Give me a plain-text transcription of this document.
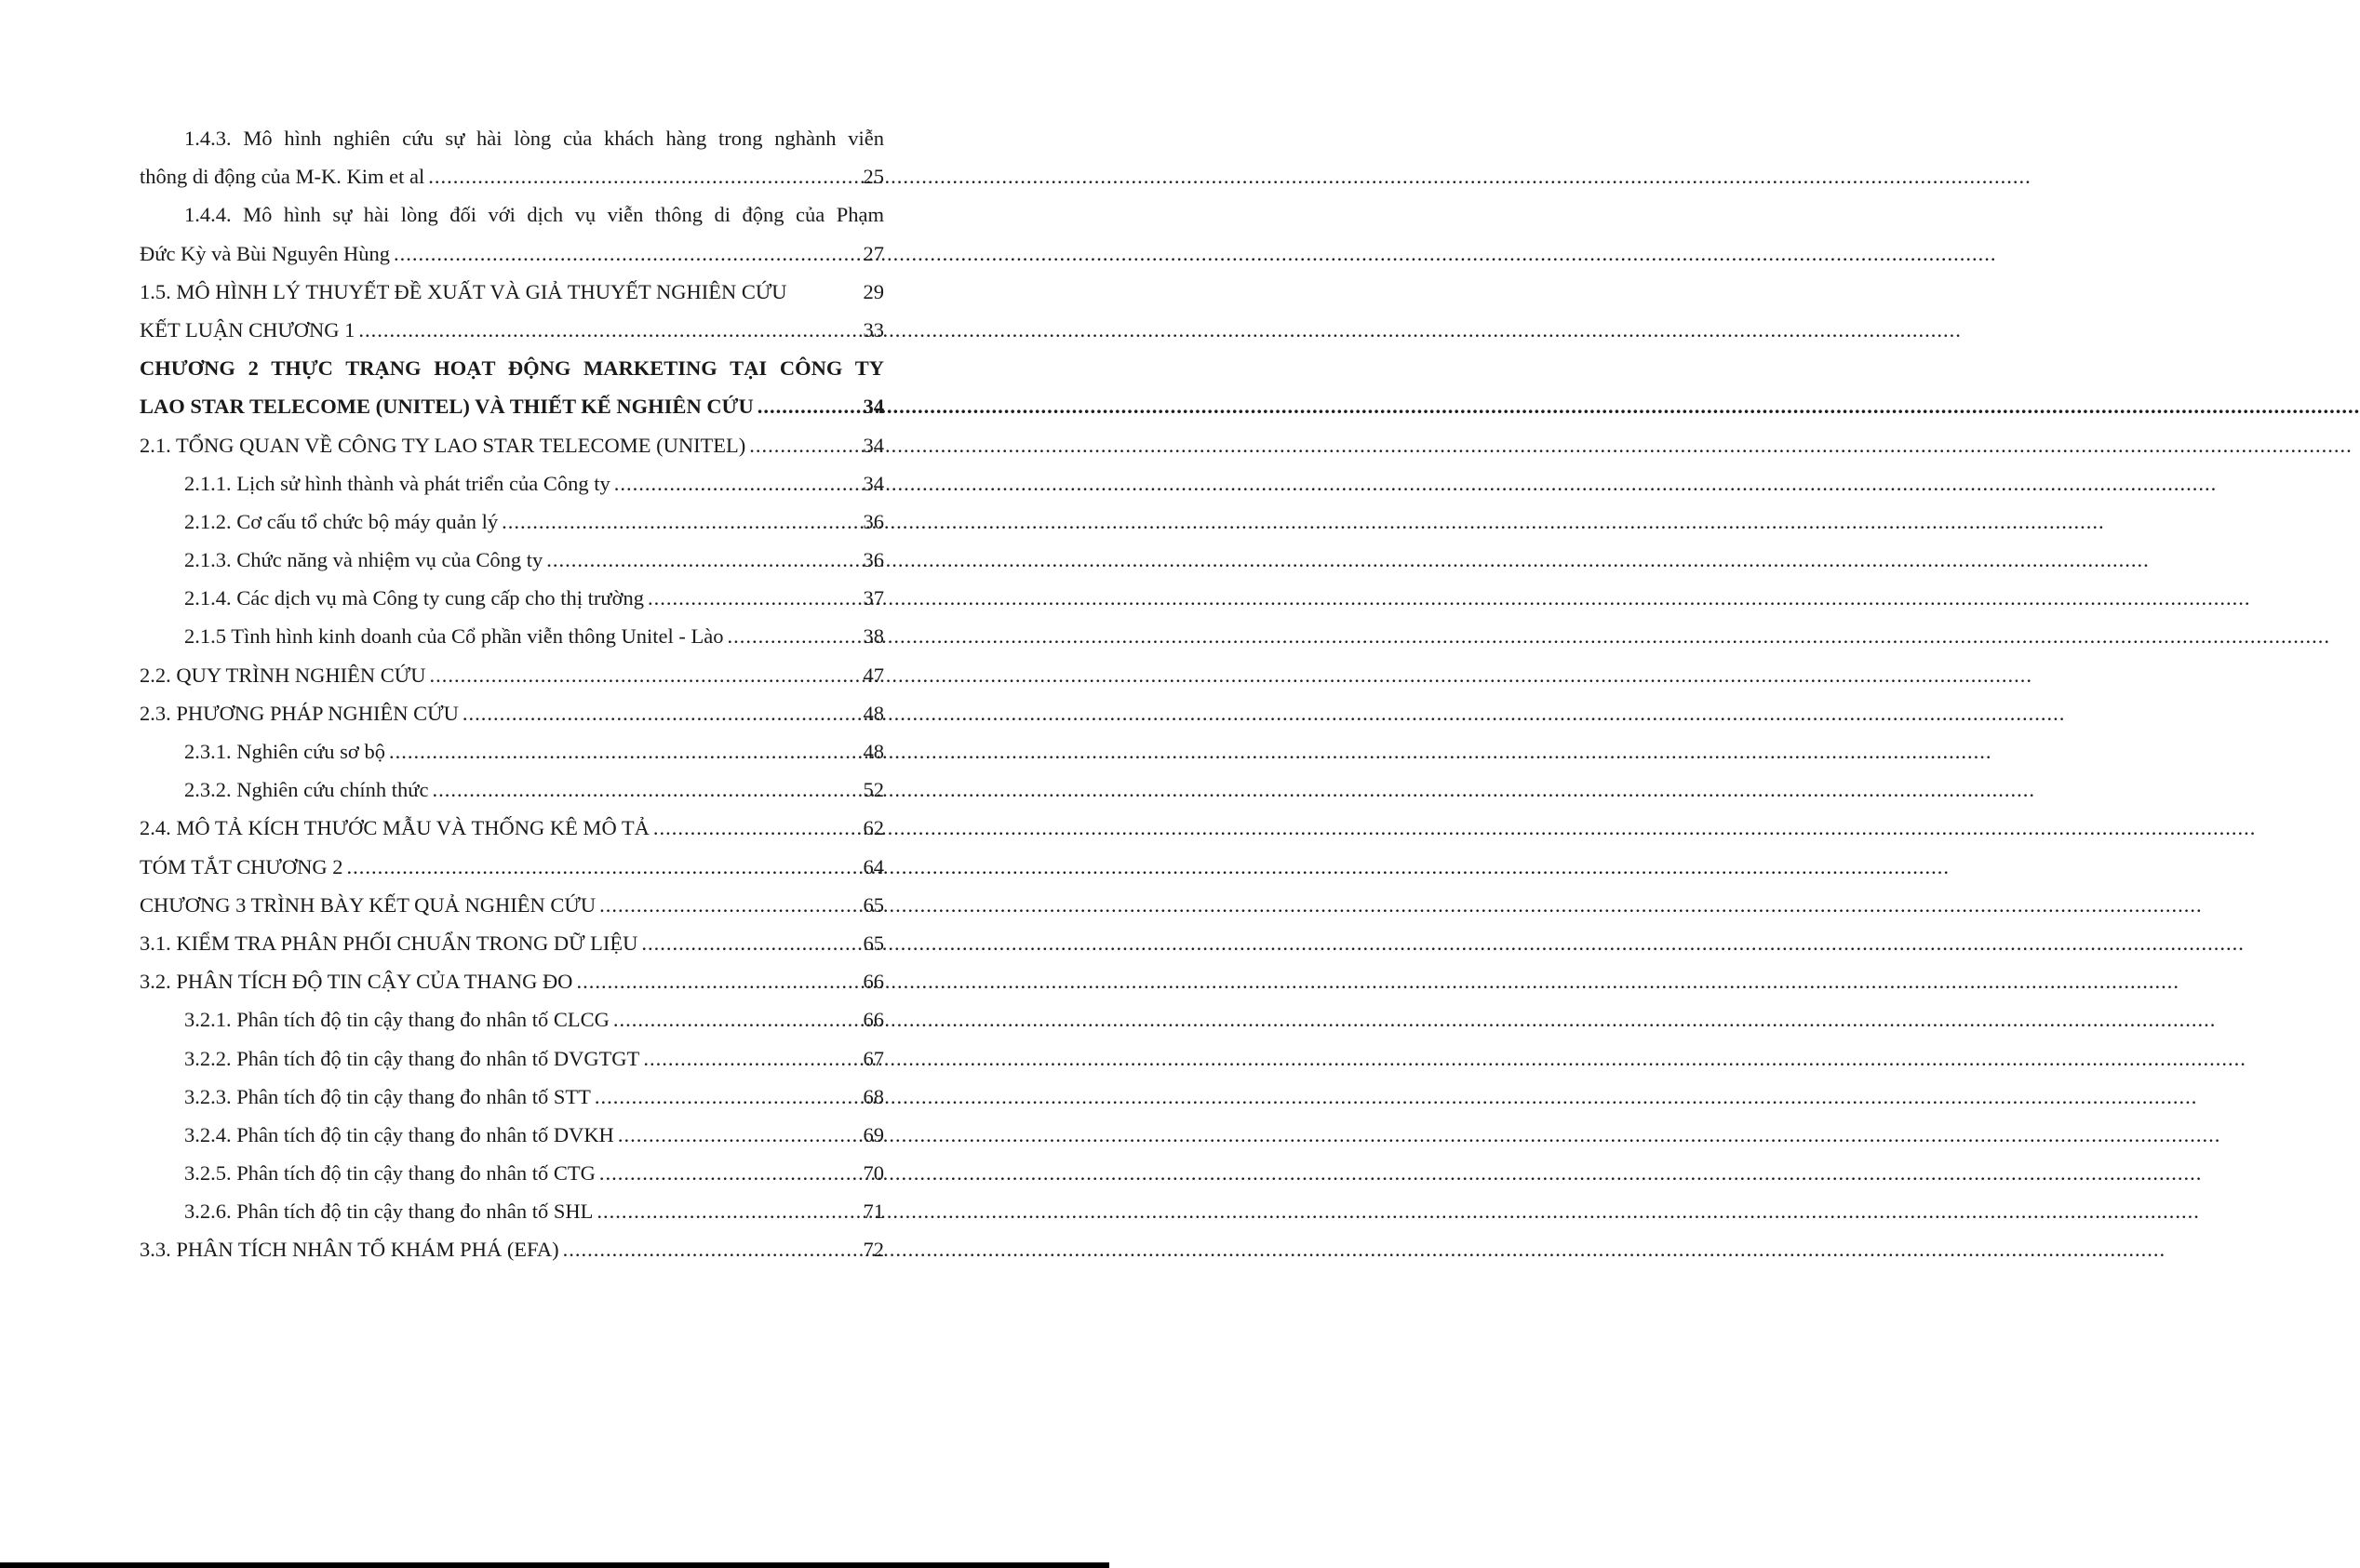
1.4.3. Mô hình nghiên cứu sự hài lòng của khách hàng trong nghành viễn
thông di động của M-K. Kim et al .....	25
1.4.4. Mô hình sự hài lòng đối với dịch vụ viễn thông di động của Phạm
Đức Kỳ và Bùi Nguyên Hùng .....	27
1.5. MÔ HÌNH LÝ THUYẾT ĐỀ XUẤT VÀ GIẢ THUYẾT NGHIÊN CỨU	29
KẾT LUẬN CHƯƠNG 1 .....	33
CHƯƠNG 2 THỰC TRẠNG HOẠT ĐỘNG MARKETING TẠI CÔNG TY
LAO STAR TELECOME (UNITEL) VÀ THIẾT KẾ NGHIÊN CỨU .....	34
2.1. TỔNG QUAN VỀ CÔNG TY LAO STAR TELECOME (UNITEL) .....	34
2.1.1. Lịch sử hình thành và phát triển của Công ty .....	34
2.1.2. Cơ cấu tổ chức bộ máy quản lý .....	36
2.1.3. Chức năng và nhiệm vụ của Công ty .....	36
2.1.4. Các dịch vụ mà Công ty cung cấp cho thị trường .....	37
2.1.5 Tình hình kinh doanh của Cổ phần viễn thông Unitel - Lào .....	38
2.2. QUY TRÌNH NGHIÊN CỨU .....	47
2.3. PHƯƠNG PHÁP NGHIÊN CỨU .....	48
2.3.1. Nghiên cứu sơ bộ .....	48
2.3.2. Nghiên cứu chính thức .....	52
2.4. MÔ TẢ KÍCH THƯỚC MẪU VÀ THỐNG KÊ MÔ TẢ .....	62
TÓM TẮT CHƯƠNG 2 .....	64
CHƯƠNG 3 TRÌNH BÀY KẾT QUẢ NGHIÊN CỨU .....	65
3.1. KIỂM TRA PHÂN PHỐI CHUẨN TRONG DỮ LIỆU .....	65
3.2. PHÂN TÍCH ĐỘ TIN CẬY CỦA THANG ĐO .....	66
3.2.1. Phân tích độ tin cậy thang đo nhân tố CLCG .....	66
3.2.2. Phân tích độ tin cậy thang đo nhân tố DVGTGT .....	67
3.2.3. Phân tích độ tin cậy thang đo nhân tố STT .....	68
3.2.4. Phân tích độ tin cậy thang đo nhân tố DVKH .....	69
3.2.5. Phân tích độ tin cậy thang đo nhân tố CTG .....	70
3.2.6. Phân tích độ tin cậy thang đo nhân tố SHL .....	71
3.3. PHÂN TÍCH NHÂN TỐ KHÁM PHÁ (EFA) .....	72
